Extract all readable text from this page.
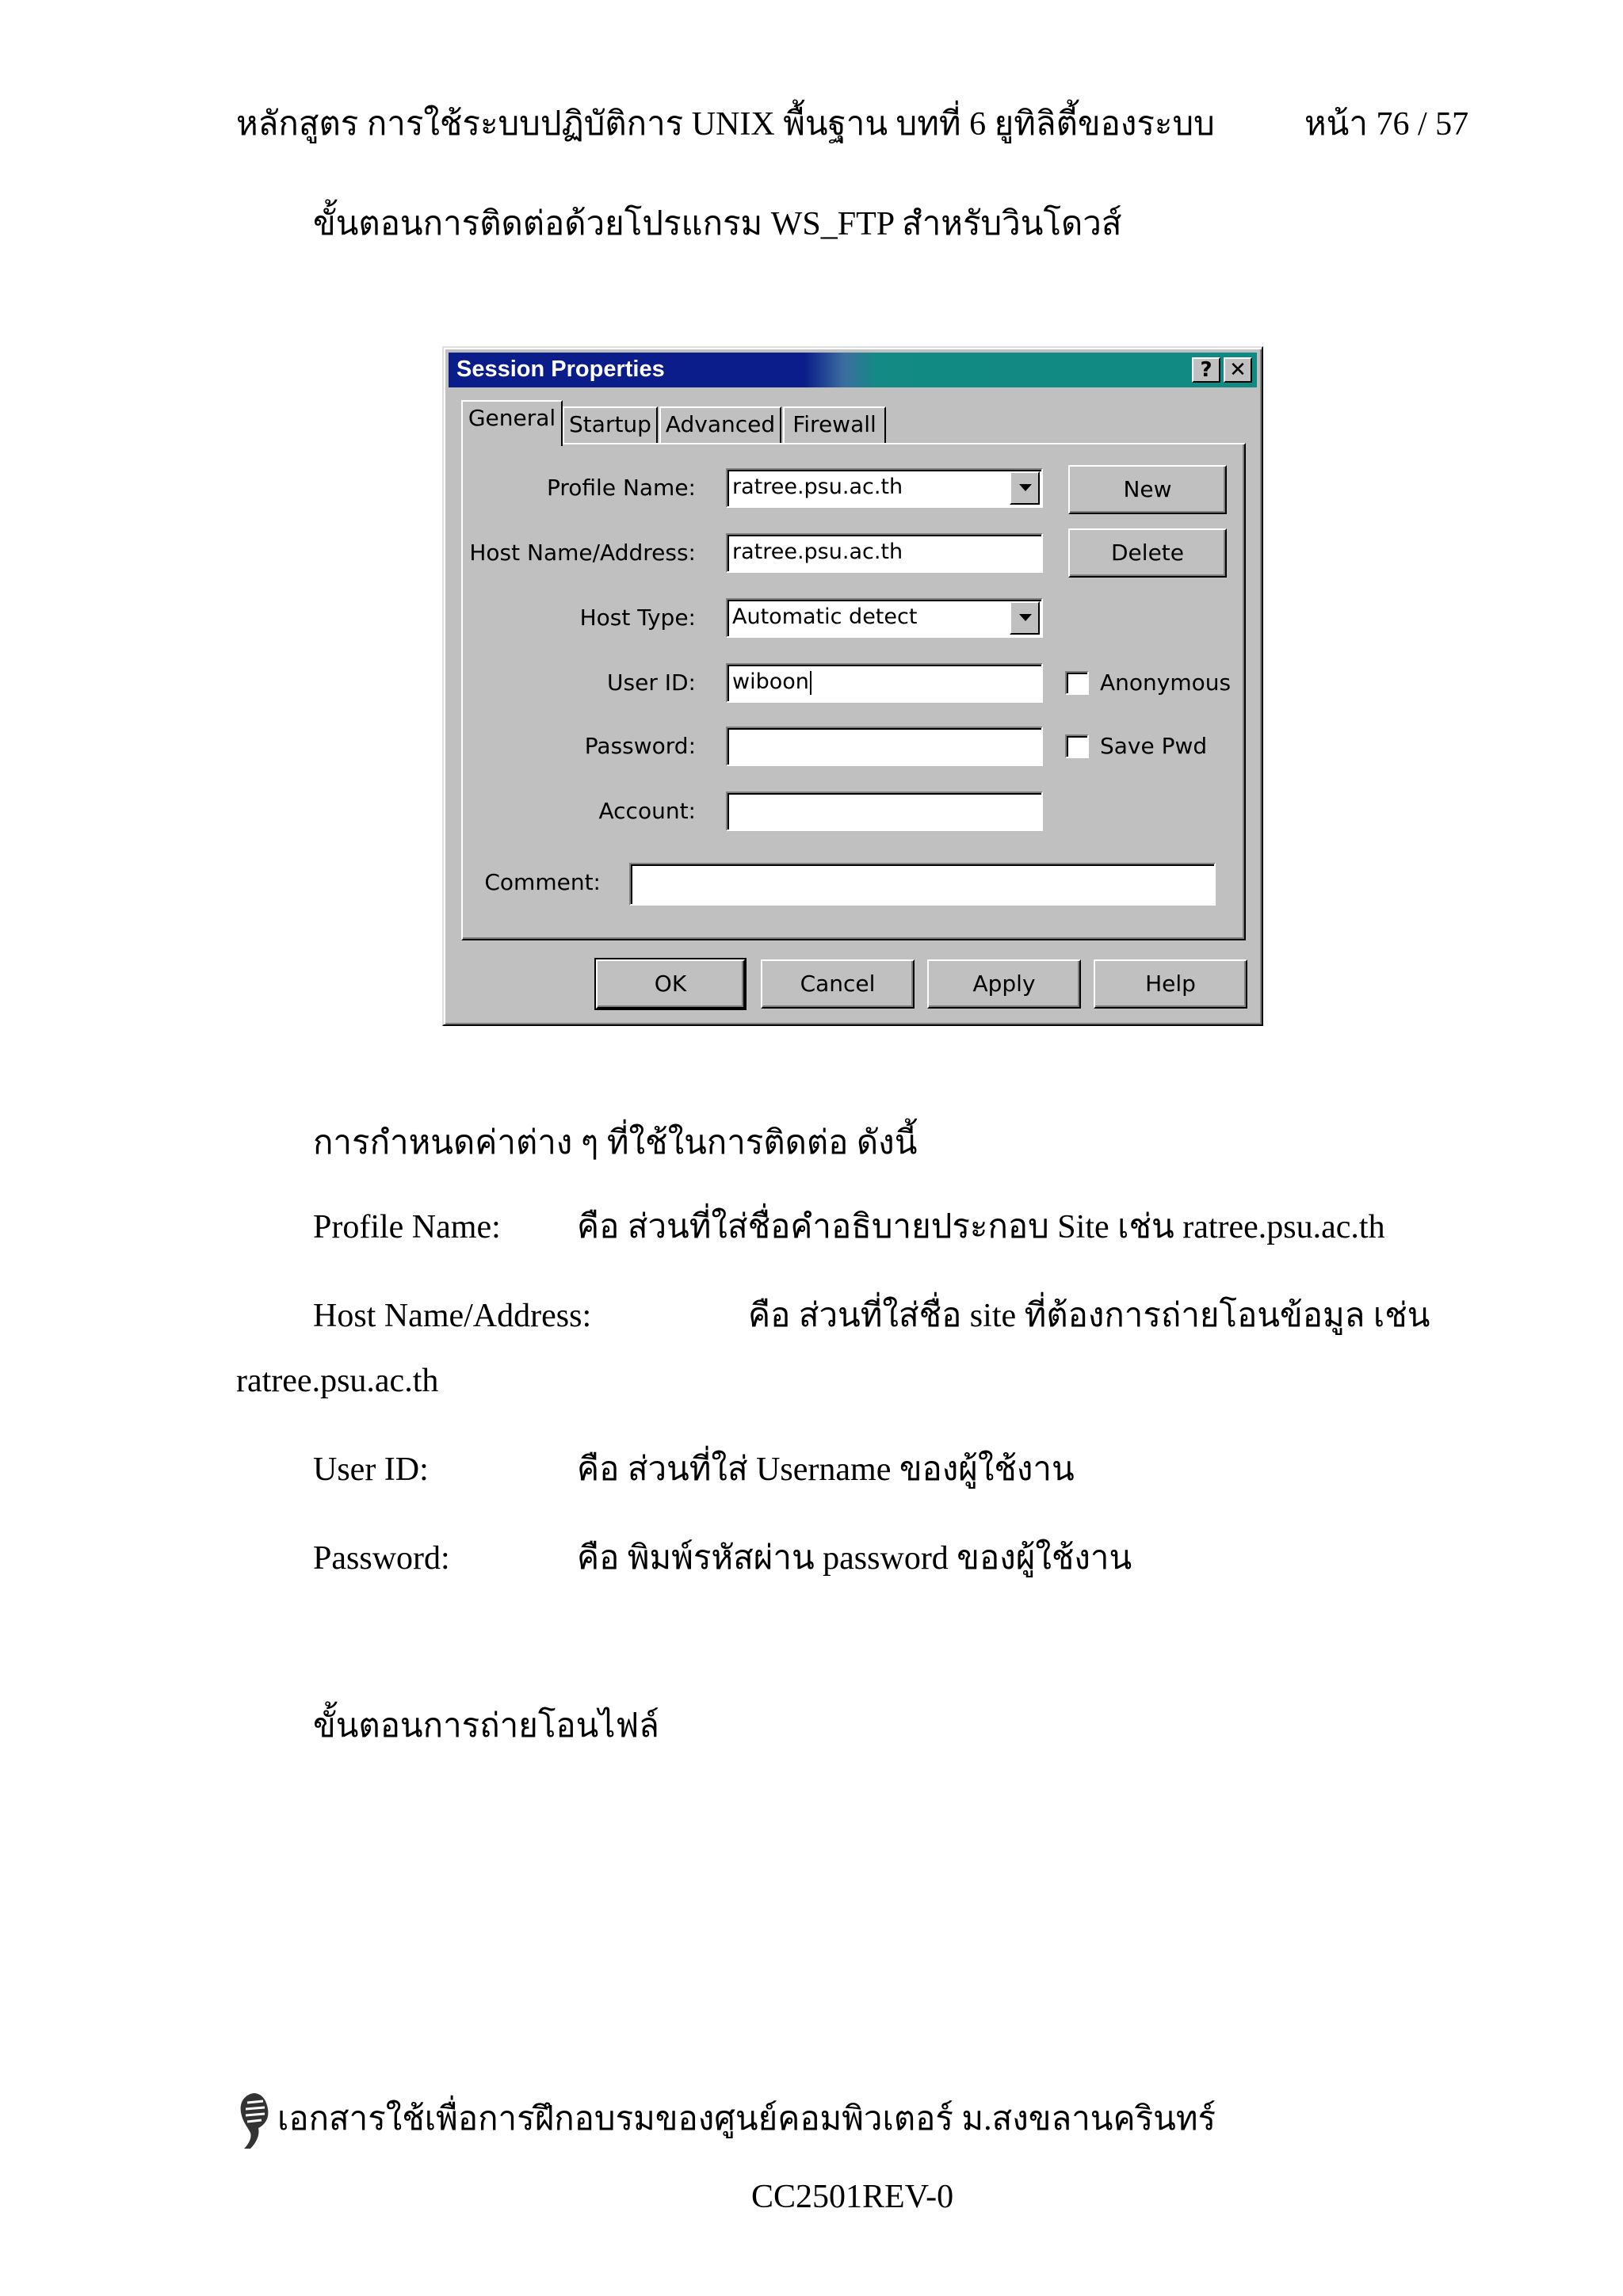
หลักสูตร การใช้ระบบปฏิบัติการ UNIX พื้นฐาน บทที่ 6 ยูทิลิตี้ของระบบ	หน้า 76 / 57
ขั้นตอนการติดต่อด้วยโปรแกรม WS_FTP สำหรับวินโดวส์
Session Properties	? ✕
General Startup Advanced Firewall
Profile Name: ratree.psu.ac.th	New
Host Name/Address: ratree.psu.ac.th	Delete
Host Type: Automatic detect
User ID: wiboon	Anonymous
Password:	Save Pwd
Account:
Comment:
OK	Cancel	Apply	Help
การกำหนดค่าต่าง ๆ ที่ใช้ในการติดต่อ ดังนี้
Profile Name: คือ ส่วนที่ใส่ชื่อคำอธิบายประกอบ Site เช่น ratree.psu.ac.th
Host Name/Address:	คือ ส่วนที่ใส่ชื่อ site ที่ต้องการถ่ายโอนข้อมูล เช่น
ratree.psu.ac.th
User ID:	คือ ส่วนที่ใส่ Username ของผู้ใช้งาน
Password:	คือ พิมพ์รหัสผ่าน password ของผู้ใช้งาน
ขั้นตอนการถ่ายโอนไฟล์
เอกสารใช้เพื่อการฝึกอบรมของศูนย์คอมพิวเตอร์ ม.สงขลานครินทร์
CC2501REV-0
